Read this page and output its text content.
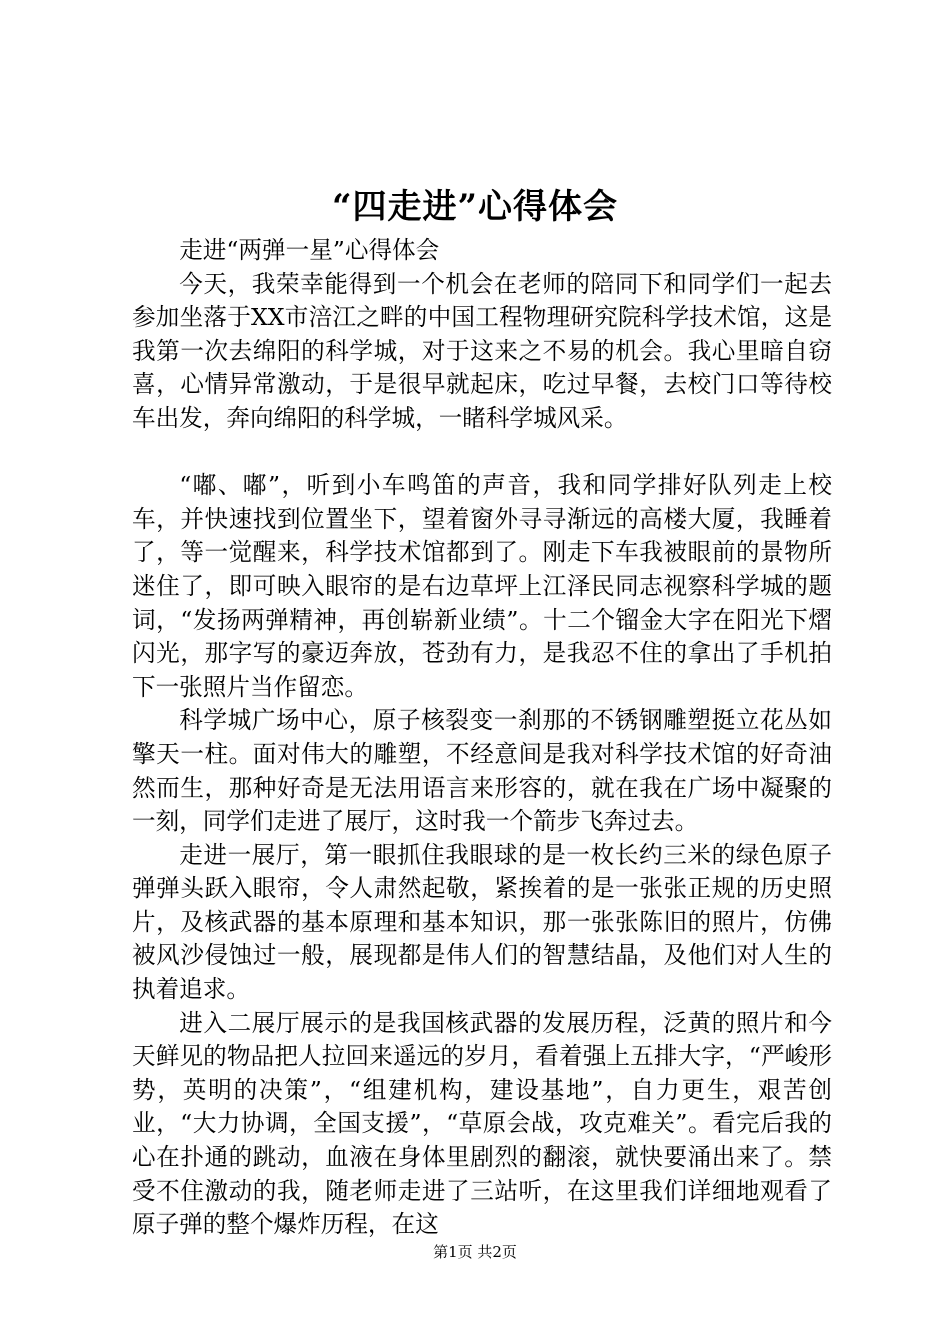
“四走进”心得体会

走进“两弹一星”心得体会

今天，我荣幸能得到一个机会在老师的陪同下和同学们一起去参加坐落于XX市涪江之畔的中国工程物理研究院科学技术馆，这是我第一次去绵阳的科学城，对于这来之不易的机会。我心里暗自窃喜，心情异常激动，于是很早就起床，吃过早餐，去校门口等待校车出发，奔向绵阳的科学城，一睹科学城风采。

“嘟、嘟”，听到小车鸣笛的声音，我和同学排好队列走上校车，并快速找到位置坐下，望着窗外寻寻渐远的高楼大厦，我睡着了，等一觉醒来，科学技术馆都到了。刚走下车我被眼前的景物所迷住了，即可映入眼帘的是右边草坪上江泽民同志视察科学城的题词，“发扬两弹精神，再创崭新业绩”。十二个镏金大字在阳光下熠闪光，那字写的豪迈奔放，苍劲有力，是我忍不住的拿出了手机拍下一张照片当作留恋。

科学城广场中心，原子核裂变一刹那的不锈钢雕塑挺立花丛如擎天一柱。面对伟大的雕塑，不经意间是我对科学技术馆的好奇油然而生，那种好奇是无法用语言来形容的，就在我在广场中凝聚的一刻，同学们走进了展厅，这时我一个箭步飞奔过去。

走进一展厅，第一眼抓住我眼球的是一枚长约三米的绿色原子弹弹头跃入眼帘，令人肃然起敬，紧挨着的是一张张正规的历史照片，及核武器的基本原理和基本知识，那一张张陈旧的照片，仿佛被风沙侵蚀过一般，展现都是伟人们的智慧结晶，及他们对人生的执着追求。

进入二展厅展示的是我国核武器的发展历程，泛黄的照片和今天鲜见的物品把人拉回来遥远的岁月，看着强上五排大字，“严峻形势，英明的决策”，“组建机构，建设基地”，自力更生，艰苦创业，“大力协调，全国支援”，“草原会战，攻克难关”。看完后我的心在扑通的跳动，血液在身体里剧烈的翻滚，就快要涌出来了。禁受不住激动的我，随老师走进了三站听，在这里我们详细地观看了原子弹的整个爆炸历程，在这

第1页 共2页
